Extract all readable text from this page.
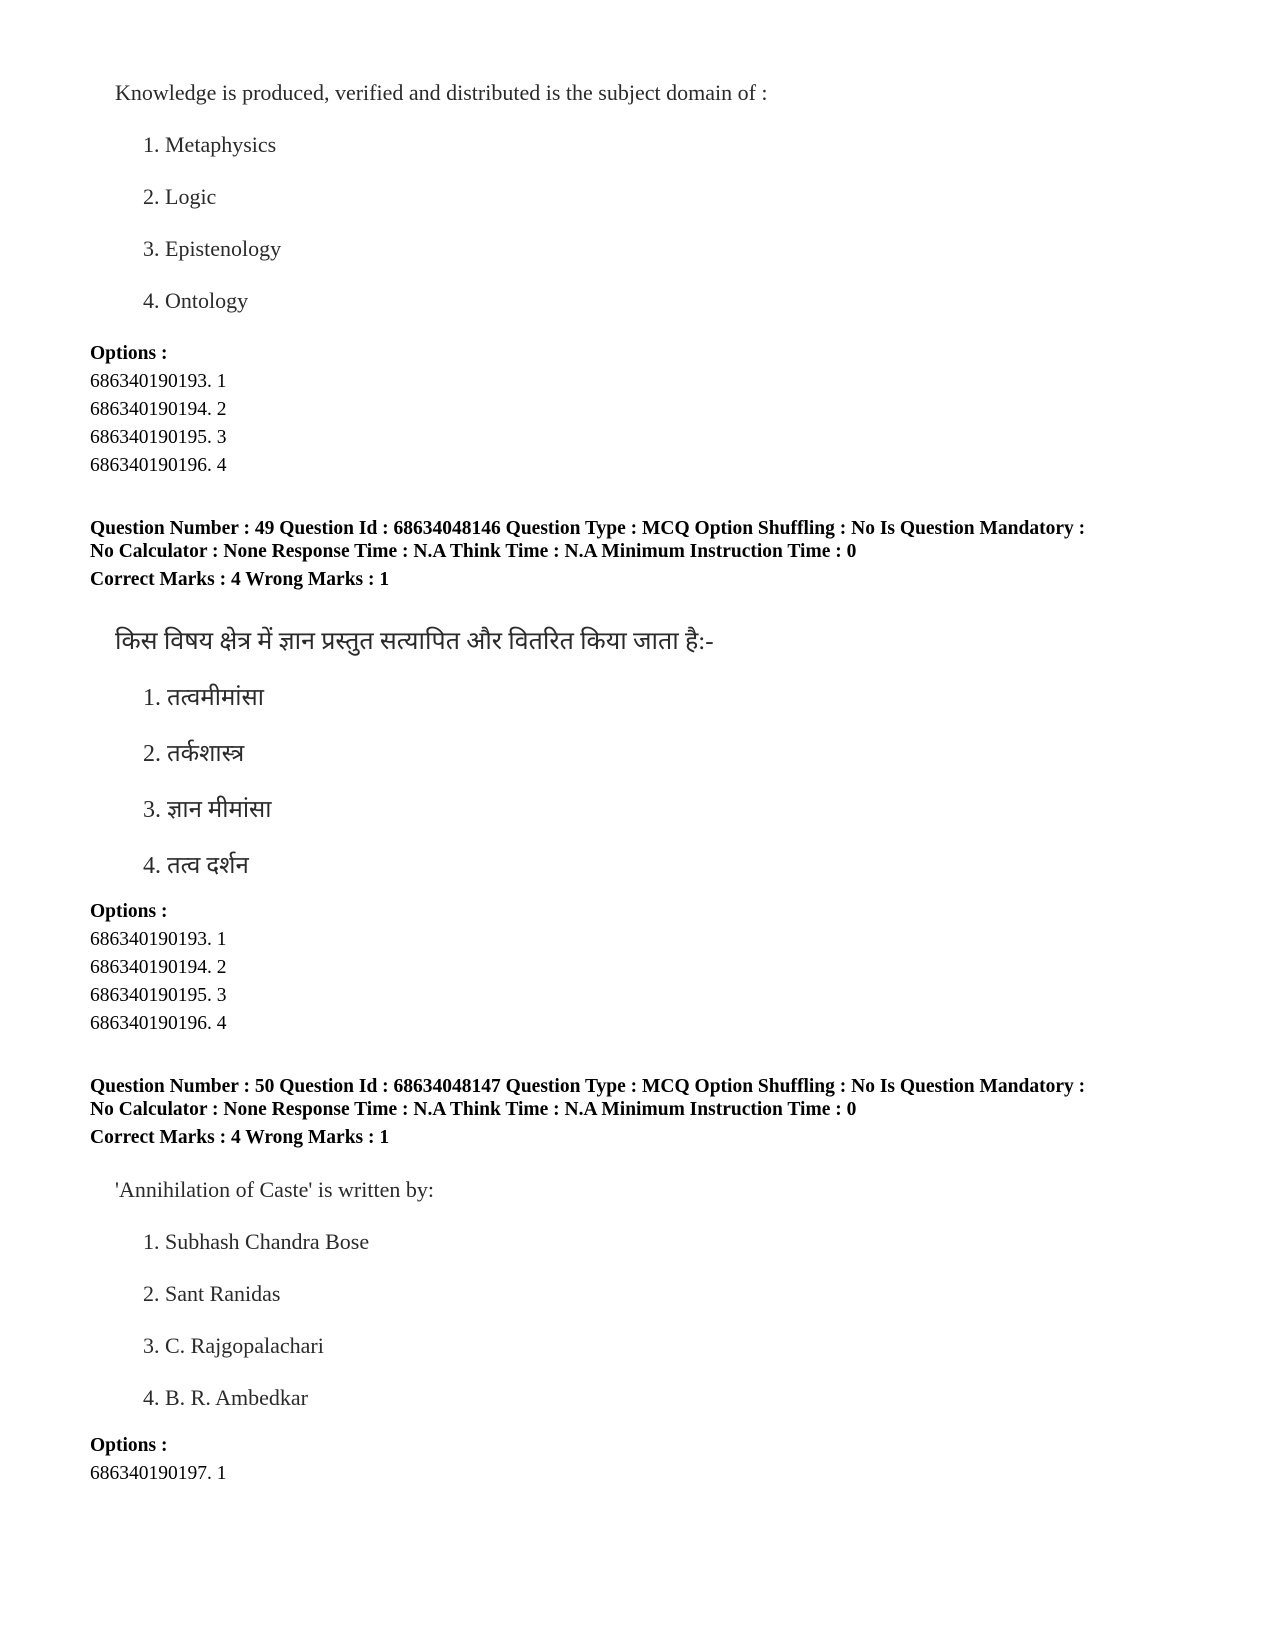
Knowledge is produced, verified and distributed is the subject domain of :
1. Metaphysics
2. Logic
3. Epistenology
4. Ontology
Options :
686340190193. 1
686340190194. 2
686340190195. 3
686340190196. 4
Question Number : 49 Question Id : 68634048146 Question Type : MCQ Option Shuffling : No Is Question Mandatory :
No Calculator : None Response Time : N.A Think Time : N.A Minimum Instruction Time : 0
Correct Marks : 4 Wrong Marks : 1
किस विषय क्षेत्र में ज्ञान प्रस्तुत सत्यापित और वितरित किया जाता है:-
1. तत्वमीमांसा
2. तर्कशास्त्र
3. ज्ञान मीमांसा
4. तत्व दर्शन
Options :
686340190193. 1
686340190194. 2
686340190195. 3
686340190196. 4
Question Number : 50 Question Id : 68634048147 Question Type : MCQ Option Shuffling : No Is Question Mandatory :
No Calculator : None Response Time : N.A Think Time : N.A Minimum Instruction Time : 0
Correct Marks : 4 Wrong Marks : 1
'Annihilation of Caste' is written by:
1. Subhash Chandra Bose
2. Sant Ranidas
3. C. Rajgopalachari
4. B. R. Ambedkar
Options :
686340190197. 1
